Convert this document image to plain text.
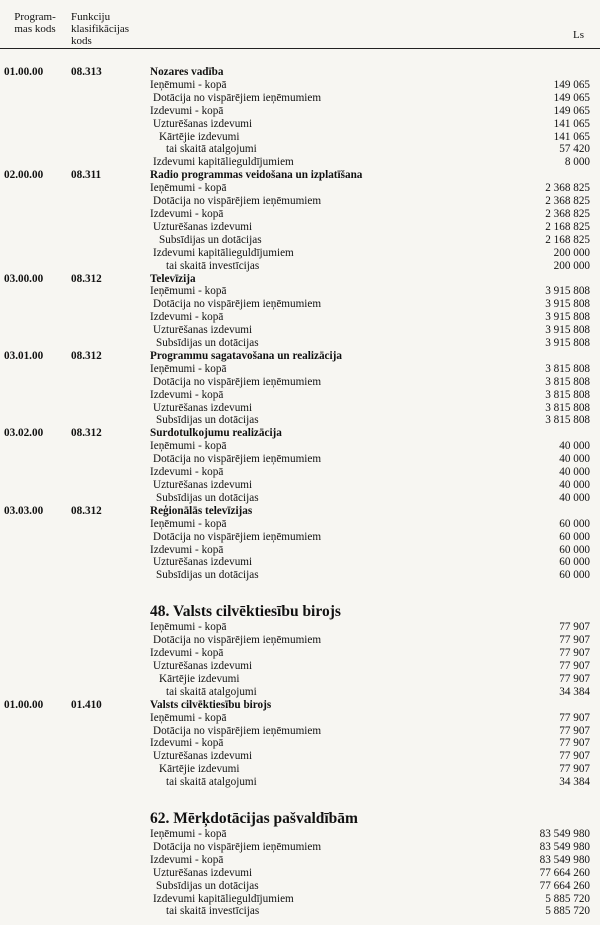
Program-
mas kods
Funkciju
klasifikācijas
kods	Ls
01.00.00 08.313	Nozares vadība
Ieņēmumi - kopā	149 065
Dotācija no vispārējiem ieņēmumiem	149 065
Izdevumi - kopā	149 065
Uzturēšanas izdevumi	141 065
Kārtējie izdevumi	141 065
tai skaitā atalgojumi	57 420
Izdevumi kapitālieguldījumiem	8 000
02.00.00 08.311	Radio programmas veidošana un izplatīšana
Ieņēmumi - kopā	2 368 825
Dotācija no vispārējiem ieņēmumiem	2 368 825
Izdevumi - kopā	2 368 825
Uzturēšanas izdevumi	2 168 825
Subsīdijas un dotācijas	2 168 825
Izdevumi kapitālieguldījumiem	200 000
tai skaitā investīcijas	200 000
03.00.00 08.312	Televīzija
Ieņēmumi - kopā	3 915 808
Dotācija no vispārējiem ieņēmumiem	3 915 808
Izdevumi - kopā	3 915 808
Uzturēšanas izdevumi	3 915 808
Subsīdijas un dotācijas	3 915 808
03.01.00 08.312	Programmu sagatavošana un realizācija
Ieņēmumi - kopā	3 815 808
Dotācija no vispārējiem ieņēmumiem	3 815 808
Izdevumi - kopā	3 815 808
Uzturēšanas izdevumi	3 815 808
Subsīdijas un dotācijas	3 815 808
03.02.00 08.312	Surdotulkojumu realizācija
Ieņēmumi - kopā	40 000
Dotācija no vispārējiem ieņēmumiem	40 000
Izdevumi - kopā	40 000
Uzturēšanas izdevumi	40 000
Subsīdijas un dotācijas	40 000
03.03.00 08.312	Reģionālās televīzijas
Ieņēmumi - kopā	60 000
Dotācija no vispārējiem ieņēmumiem	60 000
Izdevumi - kopā	60 000
Uzturēšanas izdevumi	60 000
Subsīdijas un dotācijas	60 000
48. Valsts cilvēktiesību birojs
Ieņēmumi - kopā	77 907
Dotācija no vispārējiem ieņēmumiem	77 907
Izdevumi - kopā	77 907
Uzturēšanas izdevumi	77 907
Kārtējie izdevumi	77 907
tai skaitā atalgojumi	34 384
01.00.00 01.410	Valsts cilvēktiesību birojs
Ieņēmumi - kopā	77 907
Dotācija no vispārējiem ieņēmumiem	77 907
Izdevumi - kopā	77 907
Uzturēšanas izdevumi	77 907
Kārtējie izdevumi	77 907
tai skaitā atalgojumi	34 384
62. Mērķdotācijas pašvaldībām
Ieņēmumi - kopā	83 549 980
Dotācija no vispārējiem ieņēmumiem	83 549 980
Izdevumi - kopā	83 549 980
Uzturēšanas izdevumi	77 664 260
Subsīdijas un dotācijas	77 664 260
Izdevumi kapitālieguldījumiem	5 885 720
tai skaitā investīcijas	5 885 720
